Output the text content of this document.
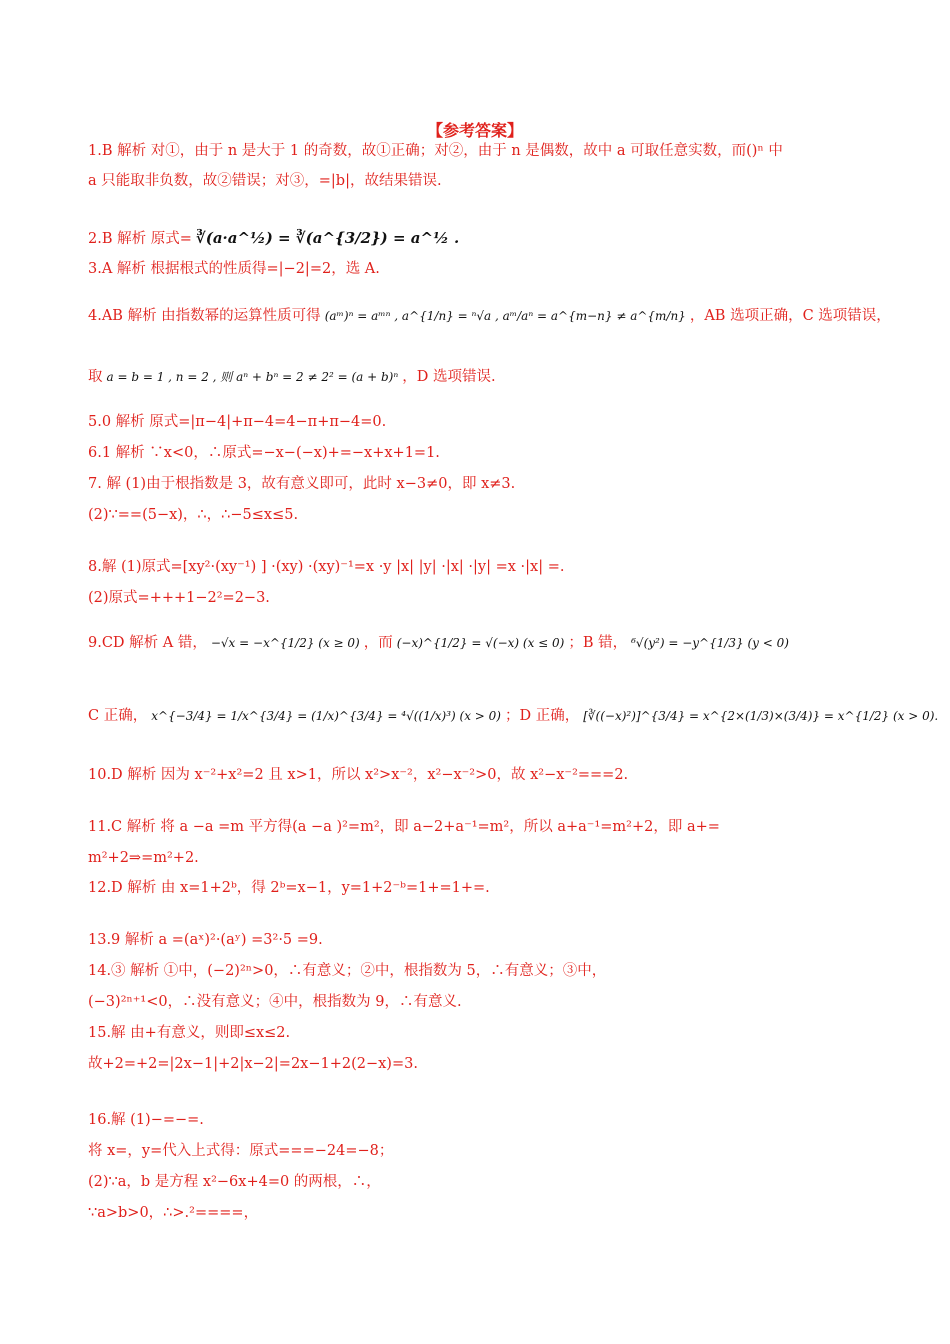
【参考答案】
1.B 解析 对①，由于 n 是大于 1 的奇数，故①正确；对②，由于 n 是偶数，故中 a 可取任意实数，而()ⁿ 中
a 只能取非负数，故②错误；对③，=|b|，故结果错误.
2.B 解析 原式= ∛(a·a^½) = ∛(a^{3/2}) = a^½ .
3.A 解析 根据根式的性质得=|−2|=2，选 A.
4.AB 解析 由指数幂的运算性质可得 (aᵐ)ⁿ = aᵐⁿ , a^{1/n} = ⁿ√a , aᵐ/aⁿ = a^{m−n} ≠ a^{m/n} ，AB 选项正确，C 选项错误，
取 a = b = 1 , n = 2 , 则 aⁿ + bⁿ = 2 ≠ 2² = (a + b)ⁿ ，D 选项错误.
5.0 解析 原式=|π−4|+π−4=4−π+π−4=0.
6.1 解析 ∵x<0，∴原式=−x−(−x)+=−x+x+1=1.
7. 解 (1)由于根指数是 3，故有意义即可，此时 x−3≠0，即 x≠3.
(2)∵==(5−x)，∴，∴−5≤x≤5.
8.解 (1)原式=[xy²·(xy⁻¹) ] ·(xy) ·(xy)⁻¹=x ·y |x| |y| ·|x| ·|y| =x ·|x| =.
(2)原式=+++1−2²=2−3.
9.CD 解析 A 错， −√x = −x^{1/2} (x ≥ 0) ，而 (−x)^{1/2} = √(−x) (x ≤ 0) ；B 错， ⁶√(y²) = −y^{1/3} (y < 0)
C 正确， x^{−3/4} = 1/x^{3/4} = (1/x)^{3/4} = ⁴√((1/x)³) (x > 0) ；D 正确， [∛((−x)²)]^{3/4} = x^{2×(1/3)×(3/4)} = x^{1/2} (x > 0).
10.D 解析 因为 x⁻²+x²=2 且 x>1，所以 x²>x⁻²，x²−x⁻²>0，故 x²−x⁻²===2.
11.C 解析 将 a −a =m 平方得(a −a )²=m²，即 a−2+a⁻¹=m²，所以 a+a⁻¹=m²+2，即 a+=
m²+2⇒=m²+2.
12.D 解析 由 x=1+2ᵇ，得 2ᵇ=x−1，y=1+2⁻ᵇ=1+=1+=.
13.9 解析 a =(aˣ)²·(aʸ) =3²·5 =9.
14.③ 解析 ①中，(−2)²ⁿ>0，∴有意义；②中，根指数为 5，∴有意义；③中，
(−3)²ⁿ⁺¹<0，∴没有意义；④中，根指数为 9，∴有意义.
15.解 由+有意义，则即≤x≤2.
故+2=+2=|2x−1|+2|x−2|=2x−1+2(2−x)=3.
16.解 (1)−=−=.
将 x=，y=代入上式得：原式===−24=−8；
(2)∵a，b 是方程 x²−6x+4=0 的两根，∴，
∵a>b>0，∴>.²====，
